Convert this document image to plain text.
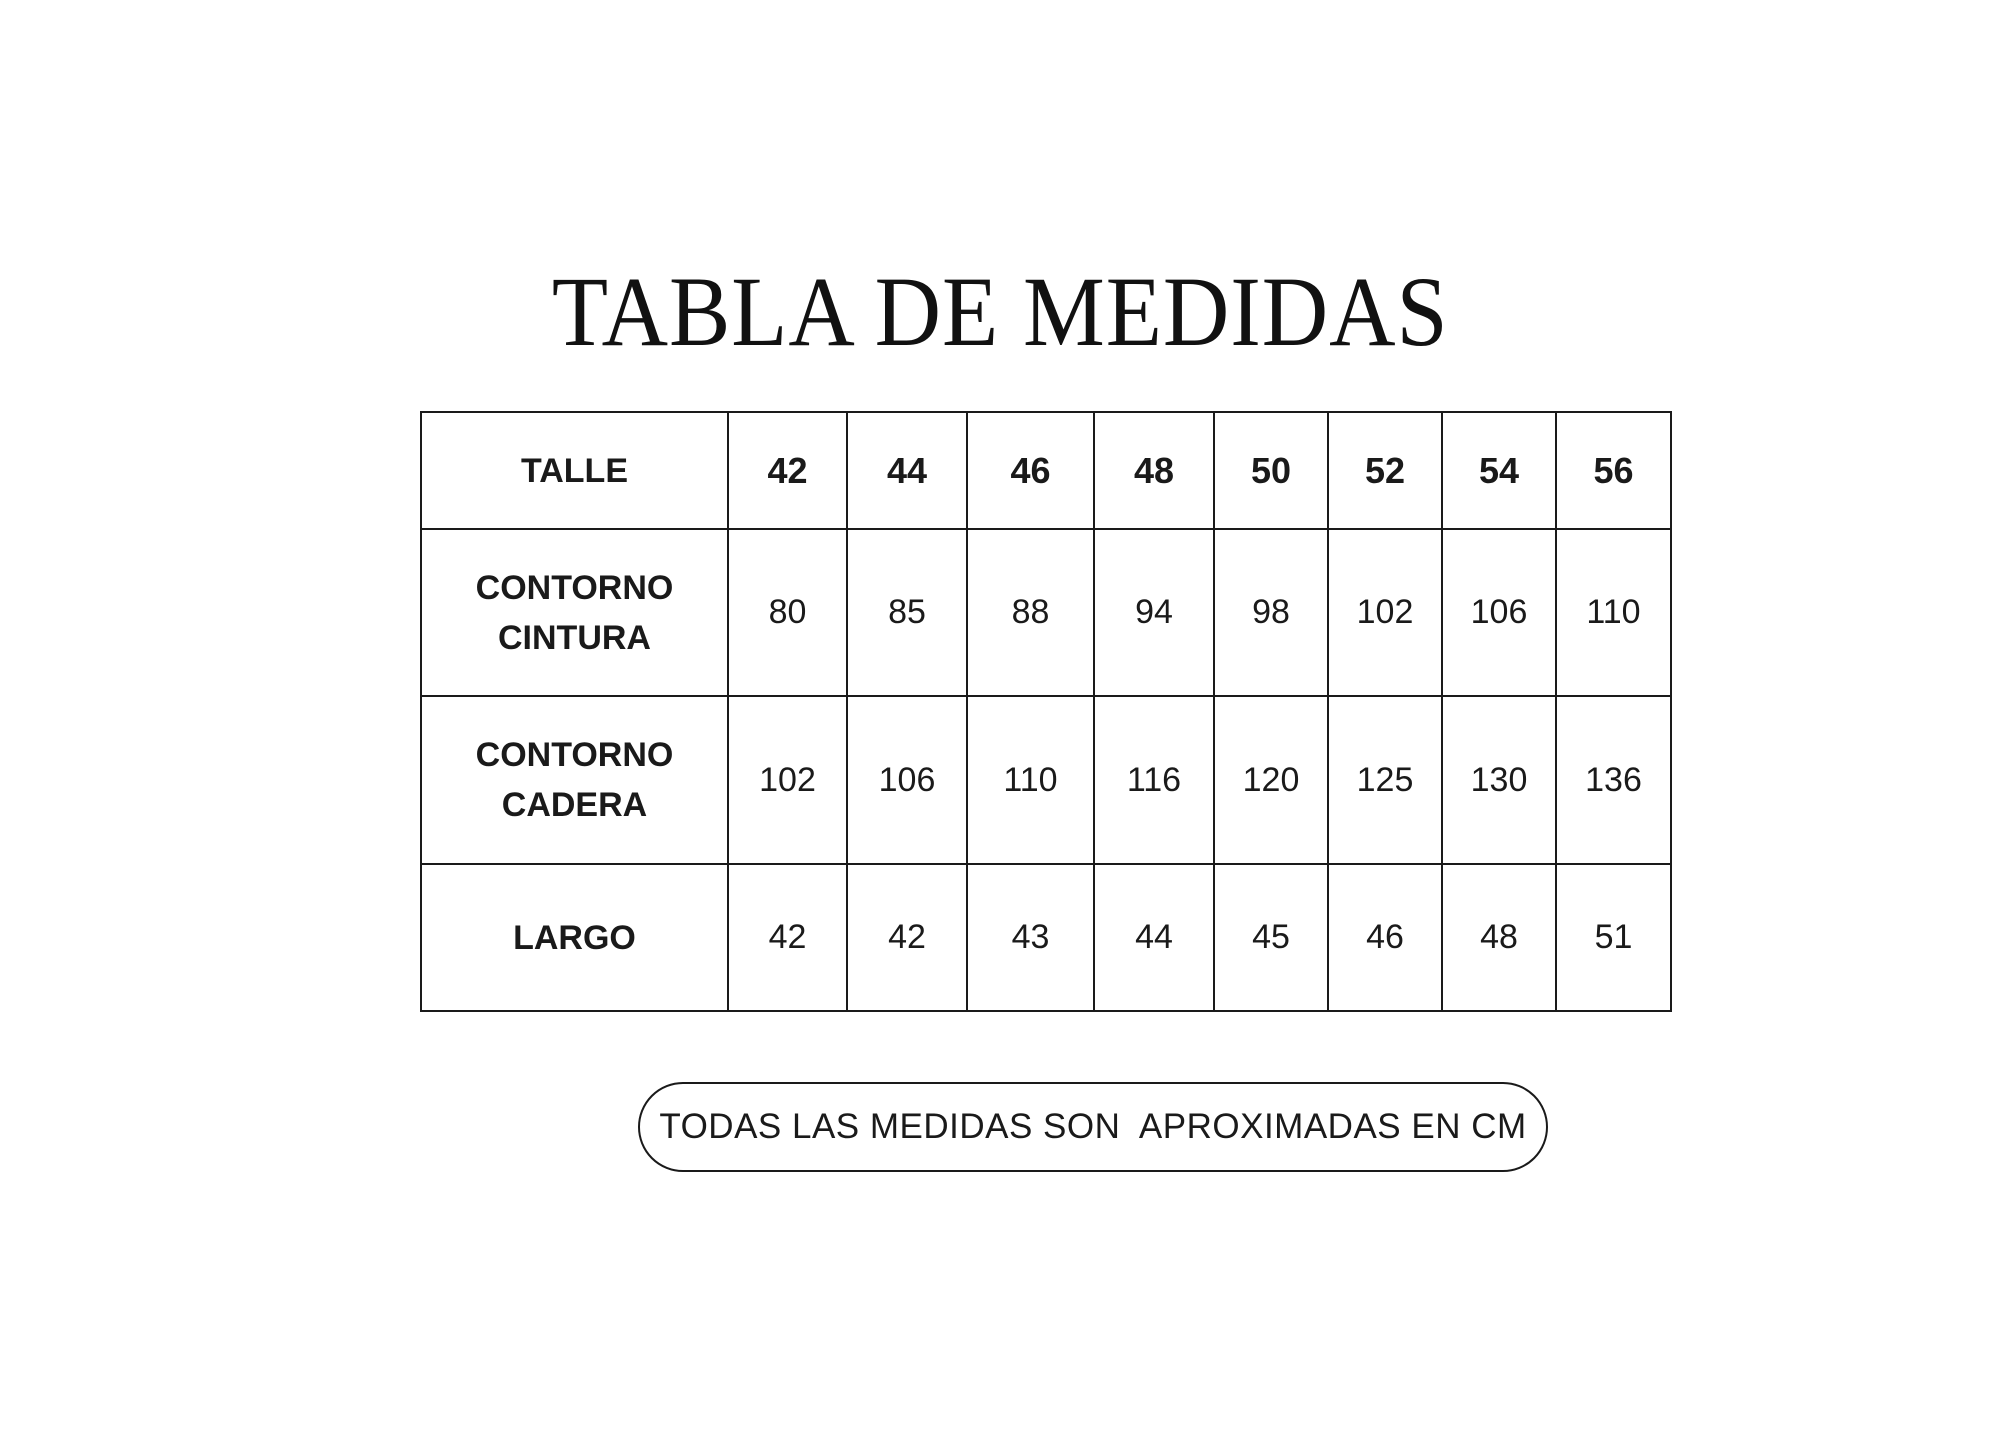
TABLA DE MEDIDAS
TALLE	42	44	46	48	50	52	54	56

CONTORNO
CINTURA	80	85	88	94	98	102	106	110

CONTORNO
CADERA	102	106	110	116	120	125	130	136

LARGO	42	42	43	44	45	46	48	51
TODAS LAS MEDIDAS SON  APROXIMADAS EN CM
